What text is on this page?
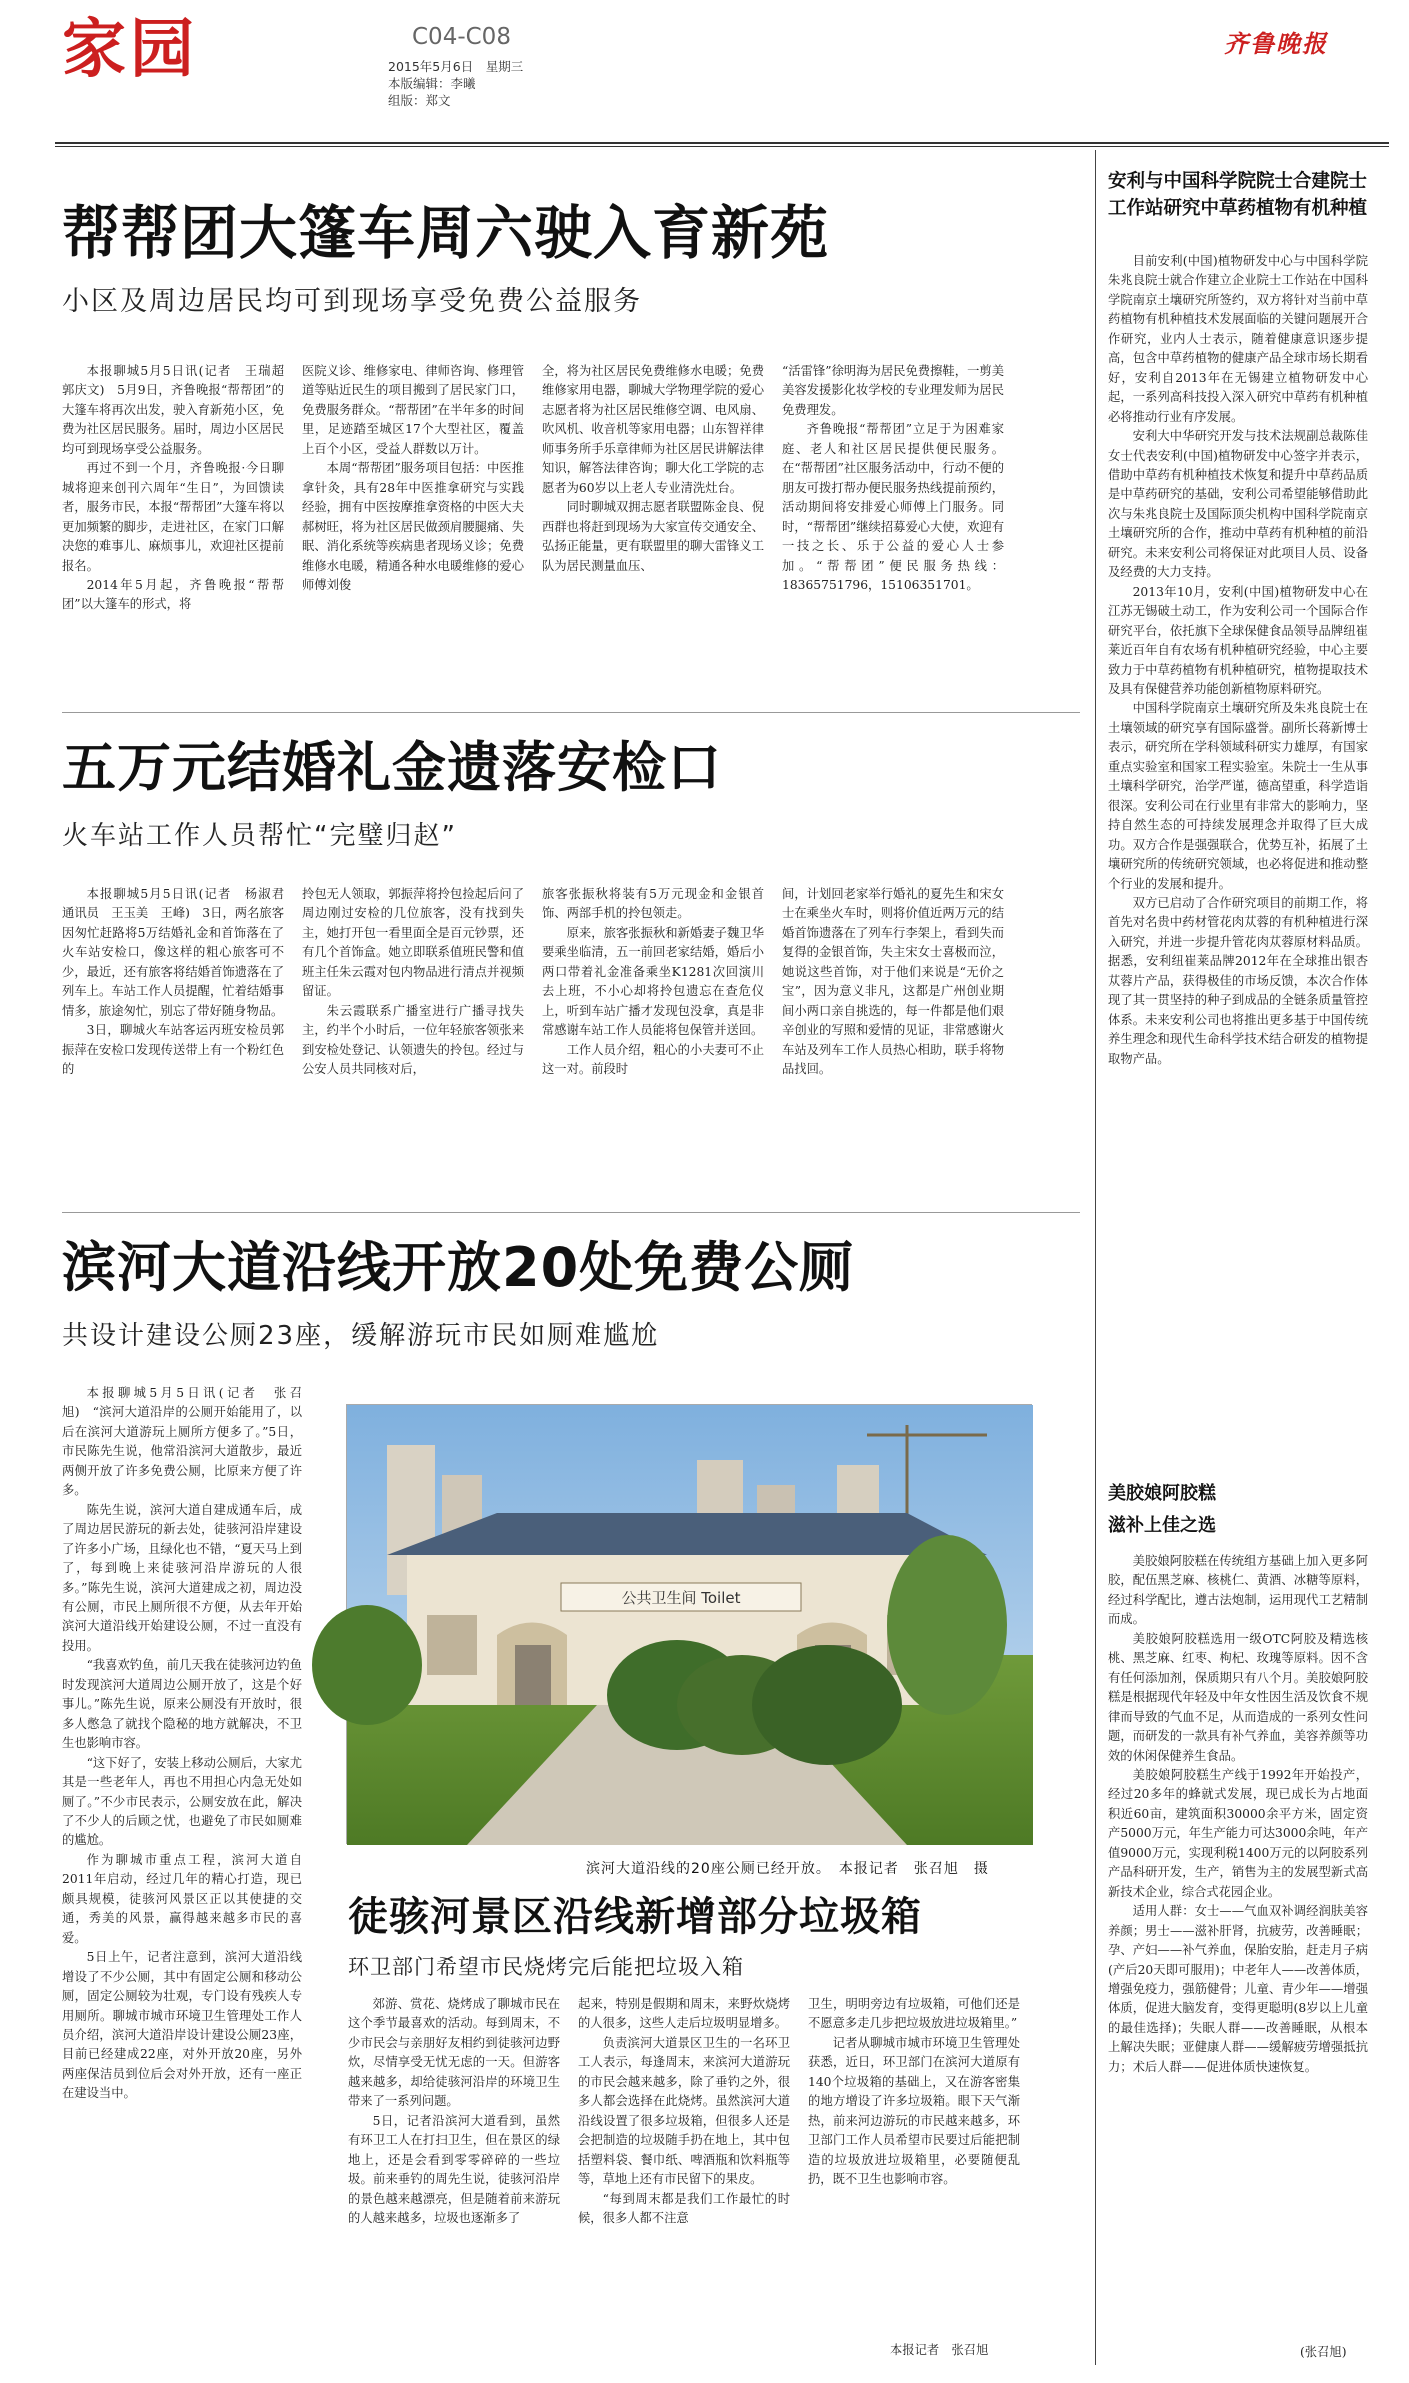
家园	C04-C08
2015年5月6日　星期三
本版编辑：李曦
组版：郑文
齐鲁晚报
帮帮团大篷车周六驶入育新苑
小区及周边居民均可到现场享受免费公益服务

本报聊城5月5日讯(记者　王瑞超　郭庆文)　5月9日，齐鲁晚报“帮帮团”的大篷车将再次出发，驶入育新苑小区，免费为社区居民服务。届时，周边小区居民均可到现场享受公益服务。

再过不到一个月，齐鲁晚报·今日聊城将迎来创刊六周年“生日”，为回馈读者，服务市民，本报“帮帮团”大篷车将以更加频繁的脚步，走进社区，在家门口解决您的难事儿、麻烦事儿，欢迎社区提前报名。

2014年5月起，齐鲁晚报“帮帮团”以大篷车的形式，将

医院义诊、维修家电、律师咨询、修理管道等贴近民生的项目搬到了居民家门口，免费服务群众。“帮帮团”在半年多的时间里，足迹踏至城区17个大型社区，覆盖上百个小区，受益人群数以万计。

本周“帮帮团”服务项目包括：中医推拿针灸，具有28年中医推拿研究与实践经验，拥有中医按摩推拿资格的中医大夫郝树旺，将为社区居民做颈肩腰腿痛、失眠、消化系统等疾病患者现场义诊；免费维修水电暖，精通各种水电暖维修的爱心师傅刘俊

全，将为社区居民免费维修水电暖；免费维修家用电器，聊城大学物理学院的爱心志愿者将为社区居民维修空调、电风扇、吹风机、收音机等家用电器；山东智祥律师事务所手乐章律师为社区居民讲解法律知识，解答法律咨询；聊大化工学院的志愿者为60岁以上老人专业清洗灶台。

同时聊城双拥志愿者联盟陈金良、倪西群也将赶到现场为大家宣传交通安全、弘扬正能量，更有联盟里的聊大雷锋义工队为居民测量血压、

“活雷锋”徐明海为居民免费擦鞋，一剪美美容发援影化妆学校的专业理发师为居民免费理发。

齐鲁晚报“帮帮团”立足于为困难家庭、老人和社区居民提供便民服务。在“帮帮团”社区服务活动中，行动不便的朋友可拨打帮办便民服务热线提前预约，活动期间将安排爱心师傅上门服务。同时，“帮帮团”继续招募爱心大使，欢迎有一技之长、乐于公益的爱心人士参加。“帮帮团”便民服务热线：18365751796，15106351701。

五万元结婚礼金遗落安检口
火车站工作人员帮忙“完璧归赵”

本报聊城5月5日讯(记者　杨淑君　通讯员　王玉美　王峰)　3日，两名旅客因匆忙赶路将5万结婚礼金和首饰落在了火车站安检口，像这样的粗心旅客可不少，最近，还有旅客将结婚首饰遗落在了列车上。车站工作人员提醒，忙着结婚事情多，旅途匆忙，别忘了带好随身物品。

3日，聊城火车站客运丙班安检员郭振萍在安检口发现传送带上有一个粉红色的

拎包无人领取，郭振萍将拎包捡起后问了周边刚过安检的几位旅客，没有找到失主，她打开包一看里面全是百元钞票，还有几个首饰盒。她立即联系值班民警和值班主任朱云霞对包内物品进行清点并视频留证。

朱云霞联系广播室进行广播寻找失主，约半个小时后，一位年轻旅客领张来到安检处登记、认领遗失的拎包。经过与公安人员共同核对后，

旅客张振秋将装有5万元现金和金银首饰、两部手机的拎包领走。

原来，旅客张振秋和新婚妻子魏卫华要乘坐临清，五一前回老家结婚，婚后小两口带着礼金准备乘坐K1281次回演川去上班，不小心却将拎包遗忘在查危仪上，听到车站广播才发现包没拿，真是非常感谢车站工作人员能将包保管并送回。

工作人员介绍，粗心的小夫妻可不止这一对。前段时

间，计划回老家举行婚礼的夏先生和宋女士在乘坐火车时，则将价值近两万元的结婚首饰遗落在了列车行李架上，看到失而复得的金银首饰，失主宋女士喜极而泣，她说这些首饰，对于他们来说是“无价之宝”，因为意义非凡，这都是广州创业期间小两口亲自挑选的，每一件都是他们艰辛创业的写照和爱情的见证，非常感谢火车站及列车工作人员热心相助，联手将物品找回。

滨河大道沿线开放20处免费公厕
共设计建设公厕23座，缓解游玩市民如厕难尴尬

本报聊城5月5日讯(记者　张召旭)　“滨河大道沿岸的公厕开始能用了，以后在滨河大道游玩上厕所方便多了。”5日，市民陈先生说，他常沿滨河大道散步，最近两侧开放了许多免费公厕，比原来方便了许多。

陈先生说，滨河大道自建成通车后，成了周边居民游玩的新去处，徒骇河沿岸建设了许多小广场，且绿化也不错，“夏天马上到了，每到晚上来徒骇河沿岸游玩的人很多。”陈先生说，滨河大道建成之初，周边没有公厕，市民上厕所很不方便，从去年开始滨河大道沿线开始建设公厕，不过一直没有投用。

“我喜欢钓鱼，前几天我在徒骇河边钓鱼时发现滨河大道周边公厕开放了，这是个好事儿。”陈先生说，原来公厕没有开放时，很多人憋急了就找个隐秘的地方就解决，不卫生也影响市容。

“这下好了，安装上移动公厕后，大家尤其是一些老年人，再也不用担心内急无处如厕了。”不少市民表示，公厕安放在此，解决了不少人的后顾之忧，也避免了市民如厕难的尴尬。

作为聊城市重点工程，滨河大道自2011年启动，经过几年的精心打造，现已颇具规模，徒骇河风景区正以其使捷的交通，秀美的风景，赢得越来越多市民的喜爱。

5日上午，记者注意到，滨河大道沿线增设了不少公厕，其中有固定公厕和移动公厕，固定公厕较为壮观，专门设有残疾人专用厕所。聊城市城市环境卫生管理处工作人员介绍，滨河大道沿岸设计建设公厕23座，目前已经建成22座，对外开放20座，另外两座保洁员到位后会对外开放，还有一座正在建设当中。

公共卫生间 Toilet
滨河大道沿线的20座公厕已经开放。　本报记者　张召旭　摄
徒骇河景区沿线新增部分垃圾箱
环卫部门希望市民烧烤完后能把垃圾入箱

郊游、赏花、烧烤成了聊城市民在这个季节最喜欢的活动。每到周末，不少市民会与亲朋好友相约到徒骇河边野炊，尽情享受无忧无虑的一天。但游客越来越多，却给徒骇河沿岸的环境卫生带来了一系列问题。

5日，记者沿滨河大道看到，虽然有环卫工人在打扫卫生，但在景区的绿地上，还是会看到零零碎碎的一些垃圾。前来垂钓的周先生说，徒骇河沿岸的景色越来越漂亮，但是随着前来游玩的人越来越多，垃圾也逐渐多了

起来，特别是假期和周末，来野炊烧烤的人很多，这些人走后垃圾明显增多。

负责滨河大道景区卫生的一名环卫工人表示，每逢周末，来滨河大道游玩的市民会越来越多，除了垂钓之外，很多人都会选择在此烧烤。虽然滨河大道沿线设置了很多垃圾箱，但很多人还是会把制造的垃圾随手扔在地上，其中包括塑料袋、餐巾纸、啤酒瓶和饮料瓶等等，草地上还有市民留下的果皮。

“每到周末都是我们工作最忙的时候，很多人都不注意

卫生，明明旁边有垃圾箱，可他们还是不愿意多走几步把垃圾放进垃圾箱里。”

记者从聊城市城市环境卫生管理处获悉，近日，环卫部门在滨河大道原有140个垃圾箱的基础上，又在游客密集的地方增设了许多垃圾箱。眼下天气渐热，前来河边游玩的市民越来越多，环卫部门工作人员希望市民要过后能把制造的垃圾放进垃圾箱里，必要随便乱扔，既不卫生也影响市容。

本报记者　张召旭
安利与中国科学院院士合建院士工作站研究中草药植物有机种植

目前安利(中国)植物研发中心与中国科学院朱兆良院士就合作建立企业院士工作站在中国科学院南京土壤研究所签约，双方将针对当前中草药植物有机种植技术发展面临的关键问题展开合作研究，业内人士表示，随着健康意识逐步提高，包含中草药植物的健康产品全球市场长期看好，安利自2013年在无锡建立植物研发中心起，一系列高科技投入深入研究中草药有机种植必将推动行业有序发展。

安利大中华研究开发与技术法规副总裁陈佳女士代表安利(中国)植物研发中心签字并表示，借助中草药有机种植技术恢复和提升中草药品质是中草药研究的基础，安利公司希望能够借助此次与朱兆良院士及国际顶尖机构中国科学院南京土壤研究所的合作，推动中草药有机种植的前沿研究。未来安利公司将保证对此项目人员、设备及经费的大力支持。

2013年10月，安利(中国)植物研发中心在江苏无锡破土动工，作为安利公司一个国际合作研究平台，依托旗下全球保健食品领导品牌纽崔莱近百年自有农场有机种植研究经验，中心主要致力于中草药植物有机种植研究，植物提取技术及具有保健营养功能创新植物原料研究。

中国科学院南京土壤研究所及朱兆良院士在土壤领域的研究享有国际盛誉。副所长蒋新博士表示，研究所在学科领域科研实力雄厚，有国家重点实验室和国家工程实验室。朱院士一生从事土壤科学研究，治学严谨，德高望重，科学造诣很深。安利公司在行业里有非常大的影响力，坚持自然生态的可持续发展理念并取得了巨大成功。双方合作是强强联合，优势互补，拓展了土壤研究所的传统研究领域，也必将促进和推动整个行业的发展和提升。

双方已启动了合作研究项目的前期工作，将首先对名贵中药材管花肉苁蓉的有机种植进行深入研究，并进一步提升管花肉苁蓉原材料品质。据悉，安利纽崔莱品牌2012年在全球推出银杏苁蓉片产品，获得极佳的市场反馈，本次合作体现了其一贯坚持的种子到成品的全链条质量管控体系。未来安利公司也将推出更多基于中国传统养生理念和现代生命科学技术结合研发的植物提取物产品。

美胶娘阿胶糕
滋补上佳之选

美胶娘阿胶糕在传统组方基础上加入更多阿胶，配伍黑芝麻、核桃仁、黄酒、冰糖等原料，经过科学配比，遵古法炮制，运用现代工艺精制而成。

美胶娘阿胶糕选用一级OTC阿胶及精选核桃、黑芝麻、红枣、枸杞、玫瑰等原料。因不含有任何添加剂，保质期只有八个月。美胶娘阿胶糕是根据现代年轻及中年女性因生活及饮食不规律而导致的气血不足，从而造成的一系列女性问题，而研发的一款具有补气养血，美容养颜等功效的休闲保健养生食品。

美胶娘阿胶糕生产线于1992年开始投产，经过20多年的蜂就式发展，现已成长为占地面积近60亩，建筑面积30000余平方米，固定资产5000万元，年生产能力可达3000余吨，年产值9000万元，实现利税1400万元的以阿胶系列产品科研开发，生产，销售为主的发展型新式高新技术企业，综合式花园企业。

适用人群：女士——气血双补调经润肤美容养颜；男士——滋补肝肾，抗疲劳，改善睡眠；孕、产妇——补气养血，保胎安胎，赶走月子病(产后20天即可服用)；中老年人——改善体质，增强免疫力，强筋健骨；儿童、青少年——增强体质，促进大脑发育，变得更聪明(8岁以上儿童的最佳选择)；失眠人群——改善睡眠，从根本上解决失眠；亚健康人群——缓解疲劳增强抵抗力；术后人群——促进体质快速恢复。

(张召旭)
